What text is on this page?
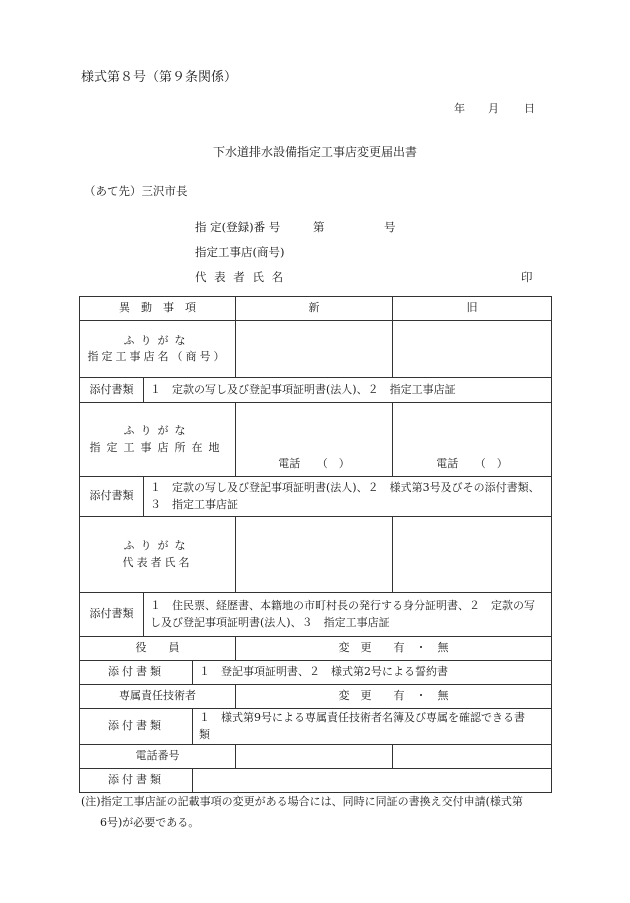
様式第８号（第９条関係）
年 月 日
下水道排水設備指定工事店変更届出書
（あて先）三沢市長
指 定(登録)番 号	第	号
指定工事店(商号)
代 表 者 氏 名	印
異　動　事　項			新	旧

ふりがな
指定工事店名（商号）				

添付書類	１　定款の写し及び登記事項証明書(法人)、２　指定工事店証			

ふりがな
指定工事店所在地			電話　　（　）	電話　　（　）
添付書類	１　定款の写し及び登記事項証明書(法人)、２　様式第3号及びその添付書類、
３　指定工事店証			

ふりがな
代表者氏名				

添付書類	１　住民票、経歴書、本籍地の市町村長の発行する身分証明書、２　定款の写
し及び登記事項証明書(法人)、３　指定工事店証			

役　　員			変　更　　有　・　無	
添付書類		１　登記事項証明書、２　様式第2号による誓約書		
専属責任技術者			変　更　　有　・　無	
添付書類		１　様式第9号による専属責任技術者名簿及び専属を確認できる書
類		

電話番号				
添付書類				
(注)指定工事店証の記載事項の変更がある場合には、同時に同証の書換え交付申請(様式第
6号)が必要である。
